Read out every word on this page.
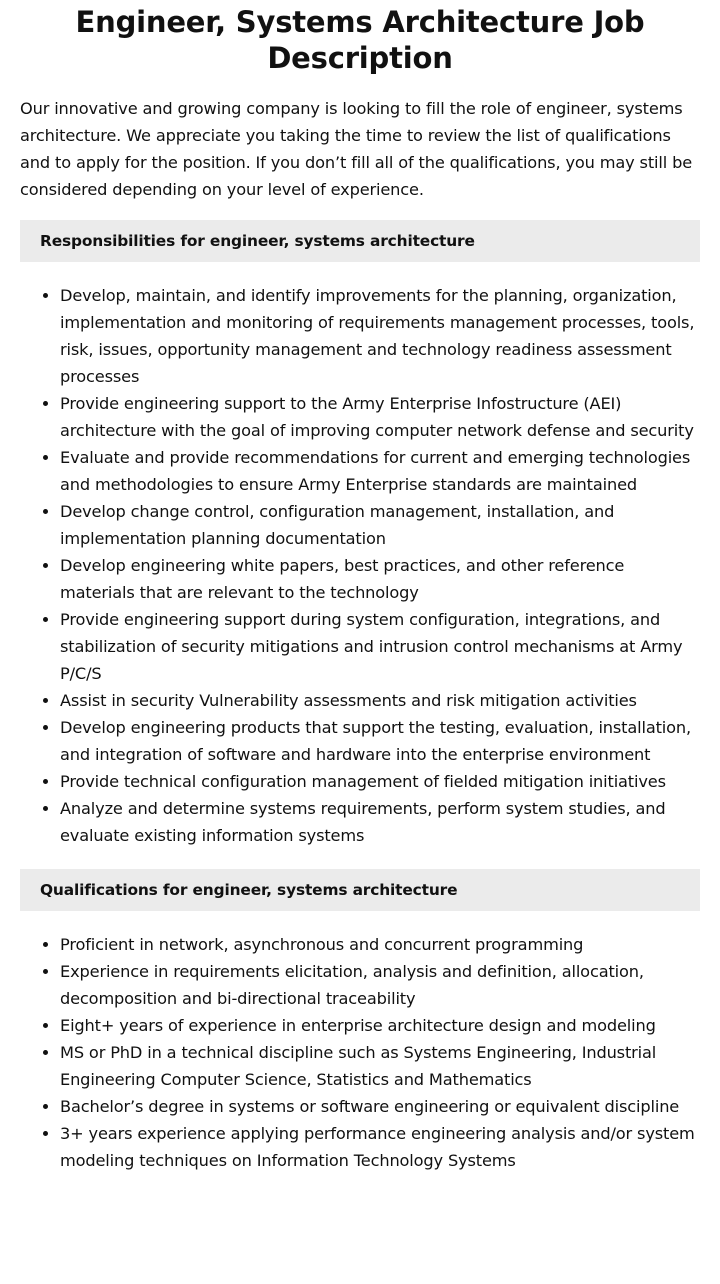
Engineer, Systems Architecture Job Description

Our innovative and growing company is looking to fill the role of engineer, systems architecture. We appreciate you taking the time to review the list of qualifications and to apply for the position. If you don’t fill all of the qualifications, you may still be considered depending on your level of experience.

Responsibilities for engineer, systems architecture
• Develop, maintain, and identify improvements for the planning, organization, implementation and monitoring of requirements management processes, tools, risk, issues, opportunity management and technology readiness assessment processes
• Provide engineering support to the Army Enterprise Infostructure (AEI) architecture with the goal of improving computer network defense and security
• Evaluate and provide recommendations for current and emerging technologies and methodologies to ensure Army Enterprise standards are maintained
• Develop change control, configuration management, installation, and implementation planning documentation
• Develop engineering white papers, best practices, and other reference materials that are relevant to the technology
• Provide engineering support during system configuration, integrations, and stabilization of security mitigations and intrusion control mechanisms at Army P/C/S
• Assist in security Vulnerability assessments and risk mitigation activities
• Develop engineering products that support the testing, evaluation, installation, and integration of software and hardware into the enterprise environment
• Provide technical configuration management of fielded mitigation initiatives
• Analyze and determine systems requirements, perform system studies, and evaluate existing information systems
Qualifications for engineer, systems architecture
• Proficient in network, asynchronous and concurrent programming
• Experience in requirements elicitation, analysis and definition, allocation, decomposition and bi-directional traceability
• Eight+ years of experience in enterprise architecture design and modeling
• MS or PhD in a technical discipline such as Systems Engineering, Industrial Engineering Computer Science, Statistics and Mathematics
• Bachelor’s degree in systems or software engineering or equivalent discipline
• 3+ years experience applying performance engineering analysis and/or system modeling techniques on Information Technology Systems
